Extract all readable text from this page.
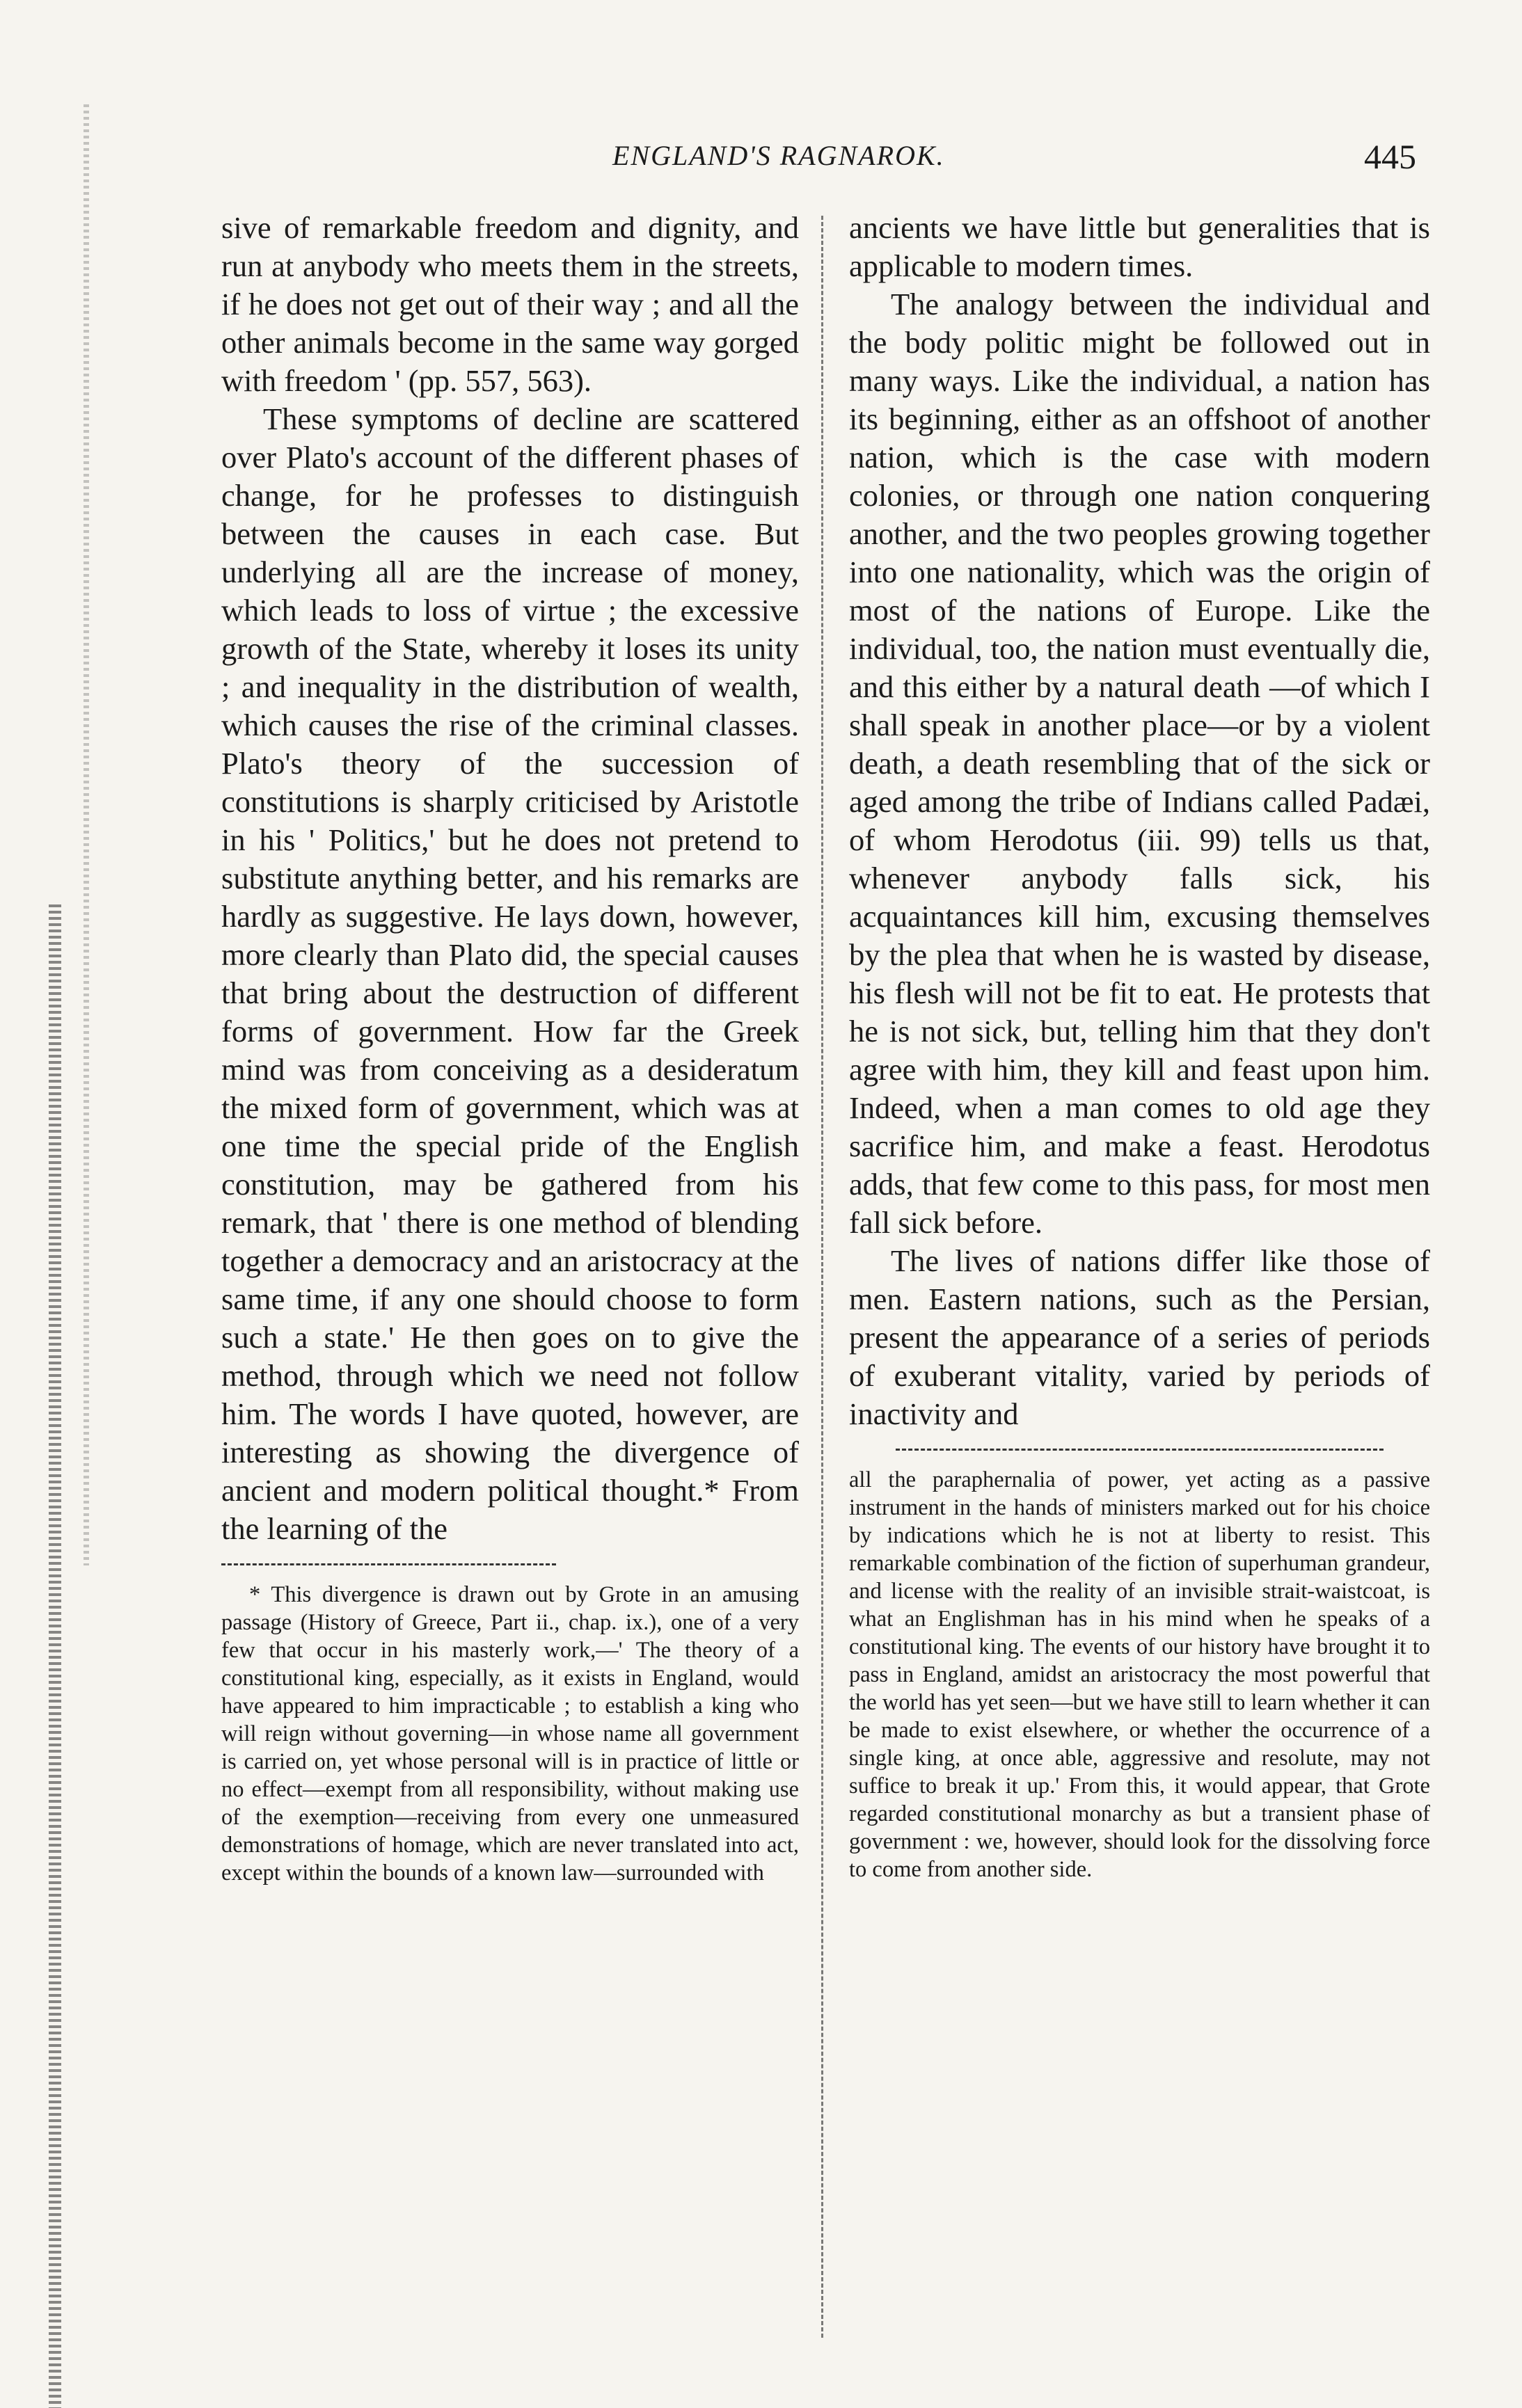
ENGLAND'S RAGNAROK.	445

sive of remarkable freedom and dignity, and run at anybody who meets them in the streets, if he does not get out of their way ; and all the other animals become in the same way gorged with freedom ' (pp. 557, 563).

These symptoms of decline are scattered over Plato's account of the different phases of change, for he professes to distinguish between the causes in each case. But underlying all are the increase of money, which leads to loss of virtue ; the excessive growth of the State, whereby it loses its unity ; and inequality in the distribution of wealth, which causes the rise of the criminal classes. Plato's theory of the succession of constitutions is sharply criticised by Aristotle in his ' Politics,' but he does not pretend to substitute anything better, and his remarks are hardly as suggestive. He lays down, however, more clearly than Plato did, the special causes that bring about the destruction of different forms of government. How far the Greek mind was from conceiving as a desideratum the mixed form of government, which was at one time the special pride of the English constitution, may be gathered from his remark, that ' there is one method of blending together a democracy and an aristocracy at the same time, if any one should choose to form such a state.' He then goes on to give the method, through which we need not follow him. The words I have quoted, however, are interesting as showing the divergence of ancient and modern political thought.* From the learning of the

* This divergence is drawn out by Grote in an amusing passage (History of Greece, Part ii., chap. ix.), one of a very few that occur in his masterly work,—' The theory of a constitutional king, especially, as it exists in England, would have appeared to him impracticable ; to establish a king who will reign without governing—in whose name all government is carried on, yet whose personal will is in practice of little or no effect—exempt from all responsibility, without making use of the exemption—receiving from every one unmeasured demonstrations of homage, which are never translated into act, except within the bounds of a known law—surrounded with

ancients we have little but generalities that is applicable to modern times.

The analogy between the individual and the body politic might be followed out in many ways. Like the individual, a nation has its beginning, either as an offshoot of another nation, which is the case with modern colonies, or through one nation conquering another, and the two peoples growing together into one nationality, which was the origin of most of the nations of Europe. Like the individual, too, the nation must eventually die, and this either by a natural death —of which I shall speak in another place—or by a violent death, a death resembling that of the sick or aged among the tribe of Indians called Padæi, of whom Herodotus (iii. 99) tells us that, whenever anybody falls sick, his acquaintances kill him, excusing themselves by the plea that when he is wasted by disease, his flesh will not be fit to eat. He protests that he is not sick, but, telling him that they don't agree with him, they kill and feast upon him. Indeed, when a man comes to old age they sacrifice him, and make a feast. Herodotus adds, that few come to this pass, for most men fall sick before.

The lives of nations differ like those of men. Eastern nations, such as the Persian, present the appearance of a series of periods of exuberant vitality, varied by periods of inactivity and

all the paraphernalia of power, yet acting as a passive instrument in the hands of ministers marked out for his choice by indications which he is not at liberty to resist. This remarkable combination of the fiction of superhuman grandeur, and license with the reality of an invisible strait-waistcoat, is what an Englishman has in his mind when he speaks of a constitutional king. The events of our history have brought it to pass in England, amidst an aristocracy the most powerful that the world has yet seen—but we have still to learn whether it can be made to exist elsewhere, or whether the occurrence of a single king, at once able, aggressive and resolute, may not suffice to break it up.' From this, it would appear, that Grote regarded constitutional monarchy as but a transient phase of government : we, however, should look for the dissolving force to come from another side.
